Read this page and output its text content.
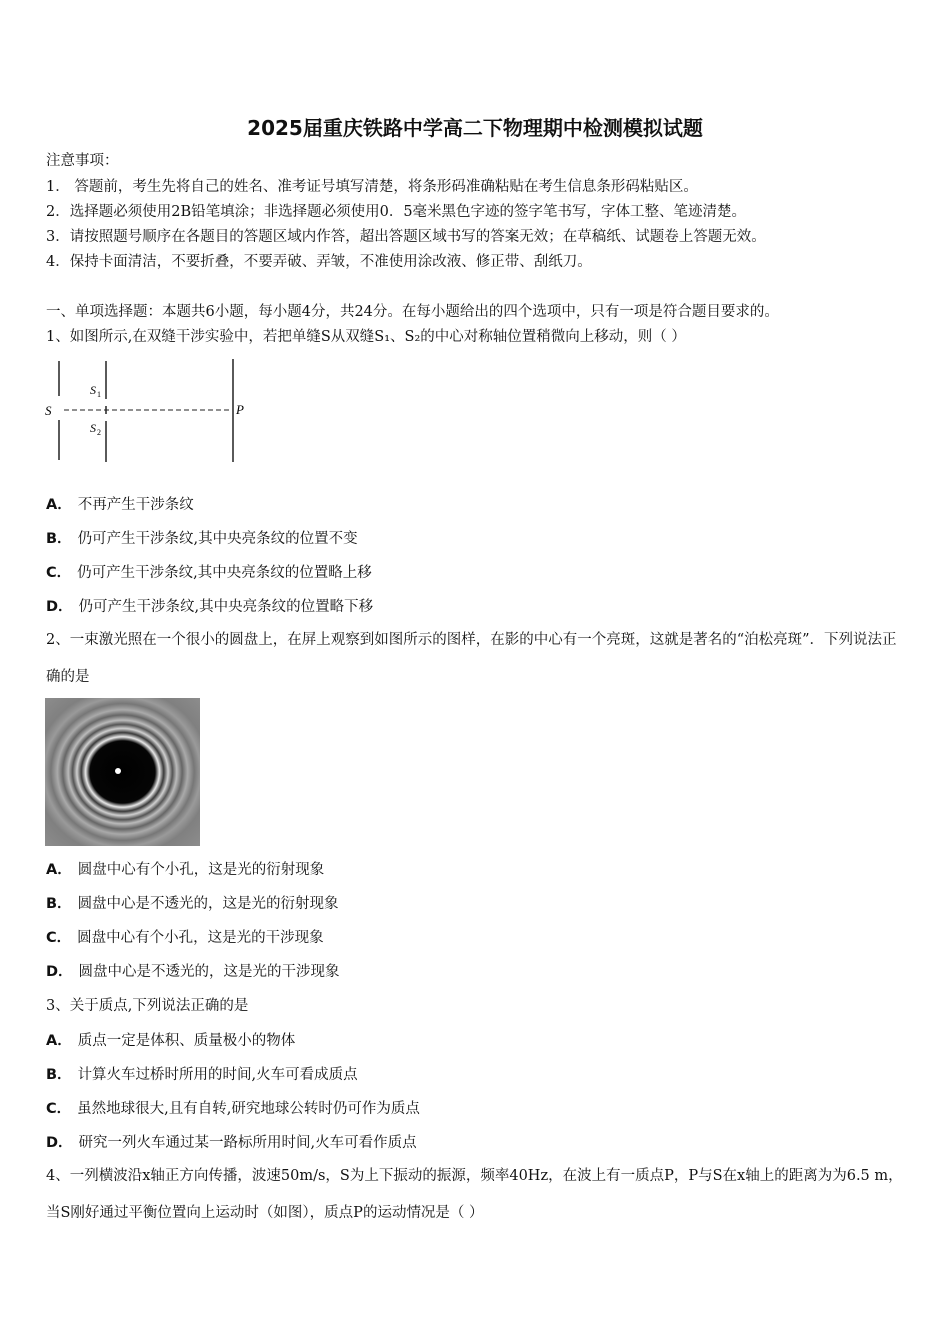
2025届重庆铁路中学高二下物理期中检测模拟试题
注意事项：
1． 答题前，考生先将自己的姓名、准考证号填写清楚，将条形码准确粘贴在考生信息条形码粘贴区。
2．选择题必须使用2B铅笔填涂；非选择题必须使用0．5毫米黑色字迹的签字笔书写，字体工整、笔迹清楚。
3．请按照题号顺序在各题目的答题区域内作答，超出答题区域书写的答案无效；在草稿纸、试题卷上答题无效。
4．保持卡面清洁，不要折叠，不要弄破、弄皱，不准使用涂改液、修正带、刮纸刀。
一、单项选择题：本题共6小题，每小题4分，共24分。在每小题给出的四个选项中，只有一项是符合题目要求的。
1、如图所示,在双缝干涉实验中，若把单缝S从双缝S₁、S₂的中心对称轴位置稍微向上移动，则（ ）
S
S 1
S 2
P
A． 不再产生干涉条纹
B． 仍可产生干涉条纹,其中央亮条纹的位置不变
C． 仍可产生干涉条纹,其中央亮条纹的位置略上移
D． 仍可产生干涉条纹,其中央亮条纹的位置略下移
2、一束激光照在一个很小的圆盘上，在屏上观察到如图所示的图样，在影的中心有一个亮斑，这就是著名的“泊松亮斑”．下列说法正确的是
A． 圆盘中心有个小孔，这是光的衍射现象
B． 圆盘中心是不透光的，这是光的衍射现象
C． 圆盘中心有个小孔，这是光的干涉现象
D． 圆盘中心是不透光的，这是光的干涉现象
3、关于质点,下列说法正确的是
A． 质点一定是体积、质量极小的物体
B． 计算火车过桥时所用的时间,火车可看成质点
C． 虽然地球很大,且有自转,研究地球公转时仍可作为质点
D． 研究一列火车通过某一路标所用时间,火车可看作质点
4、一列横波沿x轴正方向传播，波速50m/s，S为上下振动的振源，频率40Hz，在波上有一质点P，P与S在x轴上的距离为为6.5 m，当S刚好通过平衡位置向上运动时（如图），质点P的运动情况是（ ）
